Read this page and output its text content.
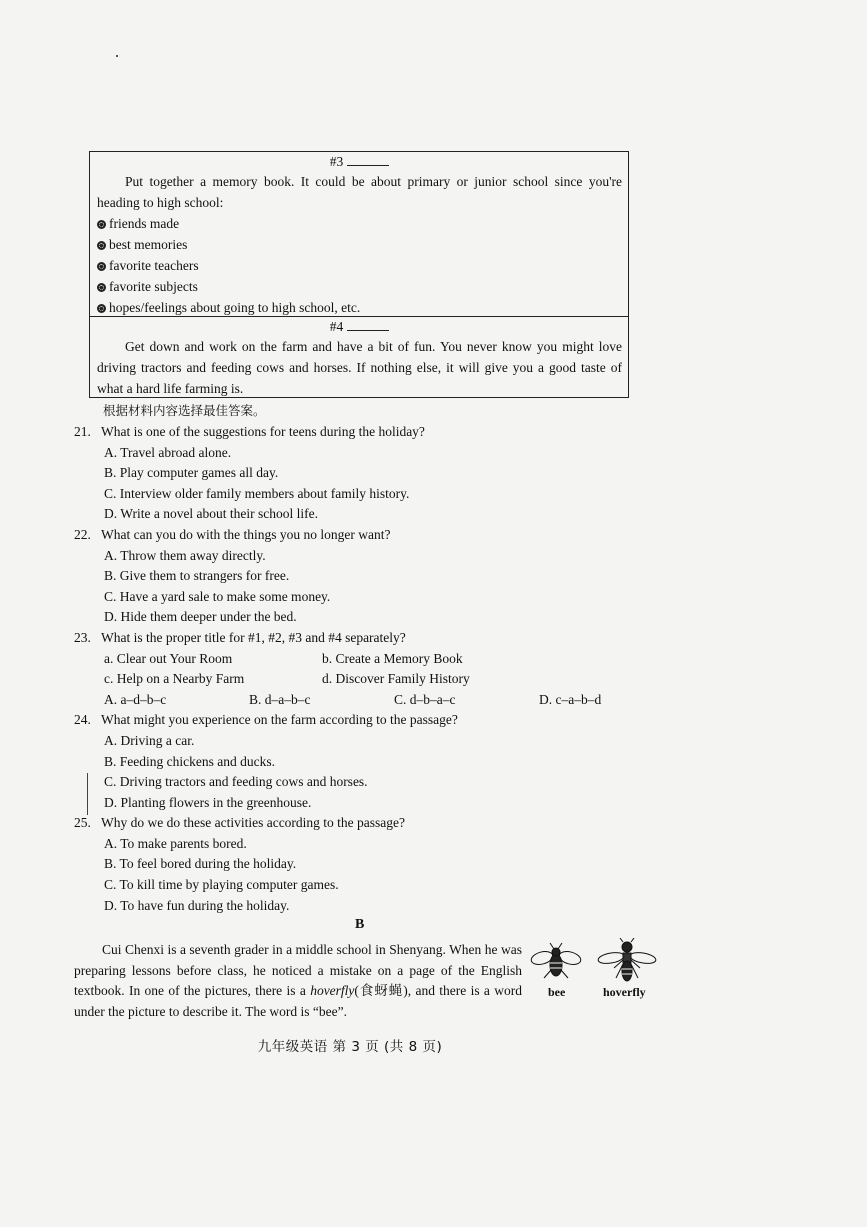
#3

Put together a memory book. It could be about primary or junior school since you're heading to high school:

friends made
best memories
favorite teachers
favorite subjects
hopes/feelings about going to high school, etc.
#4

Get down and work on the farm and have a bit of fun. You never know you might love driving tractors and feeding cows and horses. If nothing else, it will give you a good taste of what a hard life farming is.

根据材料内容选择最佳答案。
21. What is one of the suggestions for teens during the holiday?
A. Travel abroad alone.
B. Play computer games all day.
C. Interview older family members about family history.
D. Write a novel about their school life.
22. What can you do with the things you no longer want?
A. Throw them away directly.
B. Give them to strangers for free.
C. Have a yard sale to make some money.
D. Hide them deeper under the bed.
23. What is the proper title for #1, #2, #3 and #4 separately?
a. Clear out Your Room	b. Create a Memory Book
c. Help on a Nearby Farm	d. Discover Family History
A. a–d–b–c	B. d–a–b–c	C. d–b–a–c	D. c–a–b–d
24. What might you experience on the farm according to the passage?
A. Driving a car.
B. Feeding chickens and ducks.
C. Driving tractors and feeding cows and horses.
D. Planting flowers in the greenhouse.
25. Why do we do these activities according to the passage?
A. To make parents bored.
B. To feel bored during the holiday.
C. To kill time by playing computer games.
D. To have fun during the holiday.
B

Cui Chenxi is a seventh grader in a middle school in Shenyang. When he was preparing lessons before class, he noticed a mistake on a page of the English textbook. In one of the pictures, there is a hoverfly(食蚜蝇), and there is a word under the picture to describe it. The word is “bee”.

bee	hoverfly
九年级英语 第 3 页 (共 8 页)
